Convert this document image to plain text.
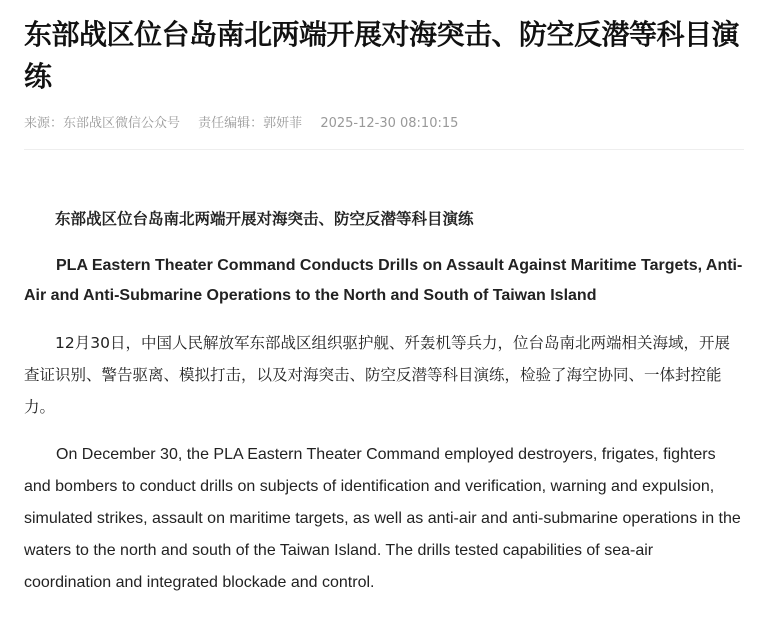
东部战区位台岛南北两端开展对海突击、防空反潜等科目演练
来源：东部战区微信公众号 责任编辑：郭妍菲 2025-12-30 08:10:15

东部战区位台岛南北两端开展对海突击、防空反潜等科目演练

PLA Eastern Theater Command Conducts Drills on Assault Against Maritime Targets, Anti-Air and Anti-Submarine Operations to the North and South of Taiwan Island

12月30日，中国人民解放军东部战区组织驱护舰、歼轰机等兵力，位台岛南北两端相关海域，开展查证识别、警告驱离、模拟打击，以及对海突击、防空反潜等科目演练，检验了海空协同、一体封控能力。

On December 30, the PLA Eastern Theater Command employed destroyers, frigates, fighters and bombers to conduct drills on subjects of identification and verification, warning and expulsion, simulated strikes, assault on maritime targets, as well as anti-air and anti-submarine operations in the waters to the north and south of the Taiwan Island. The drills tested capabilities of sea-air coordination and integrated blockade and control.
